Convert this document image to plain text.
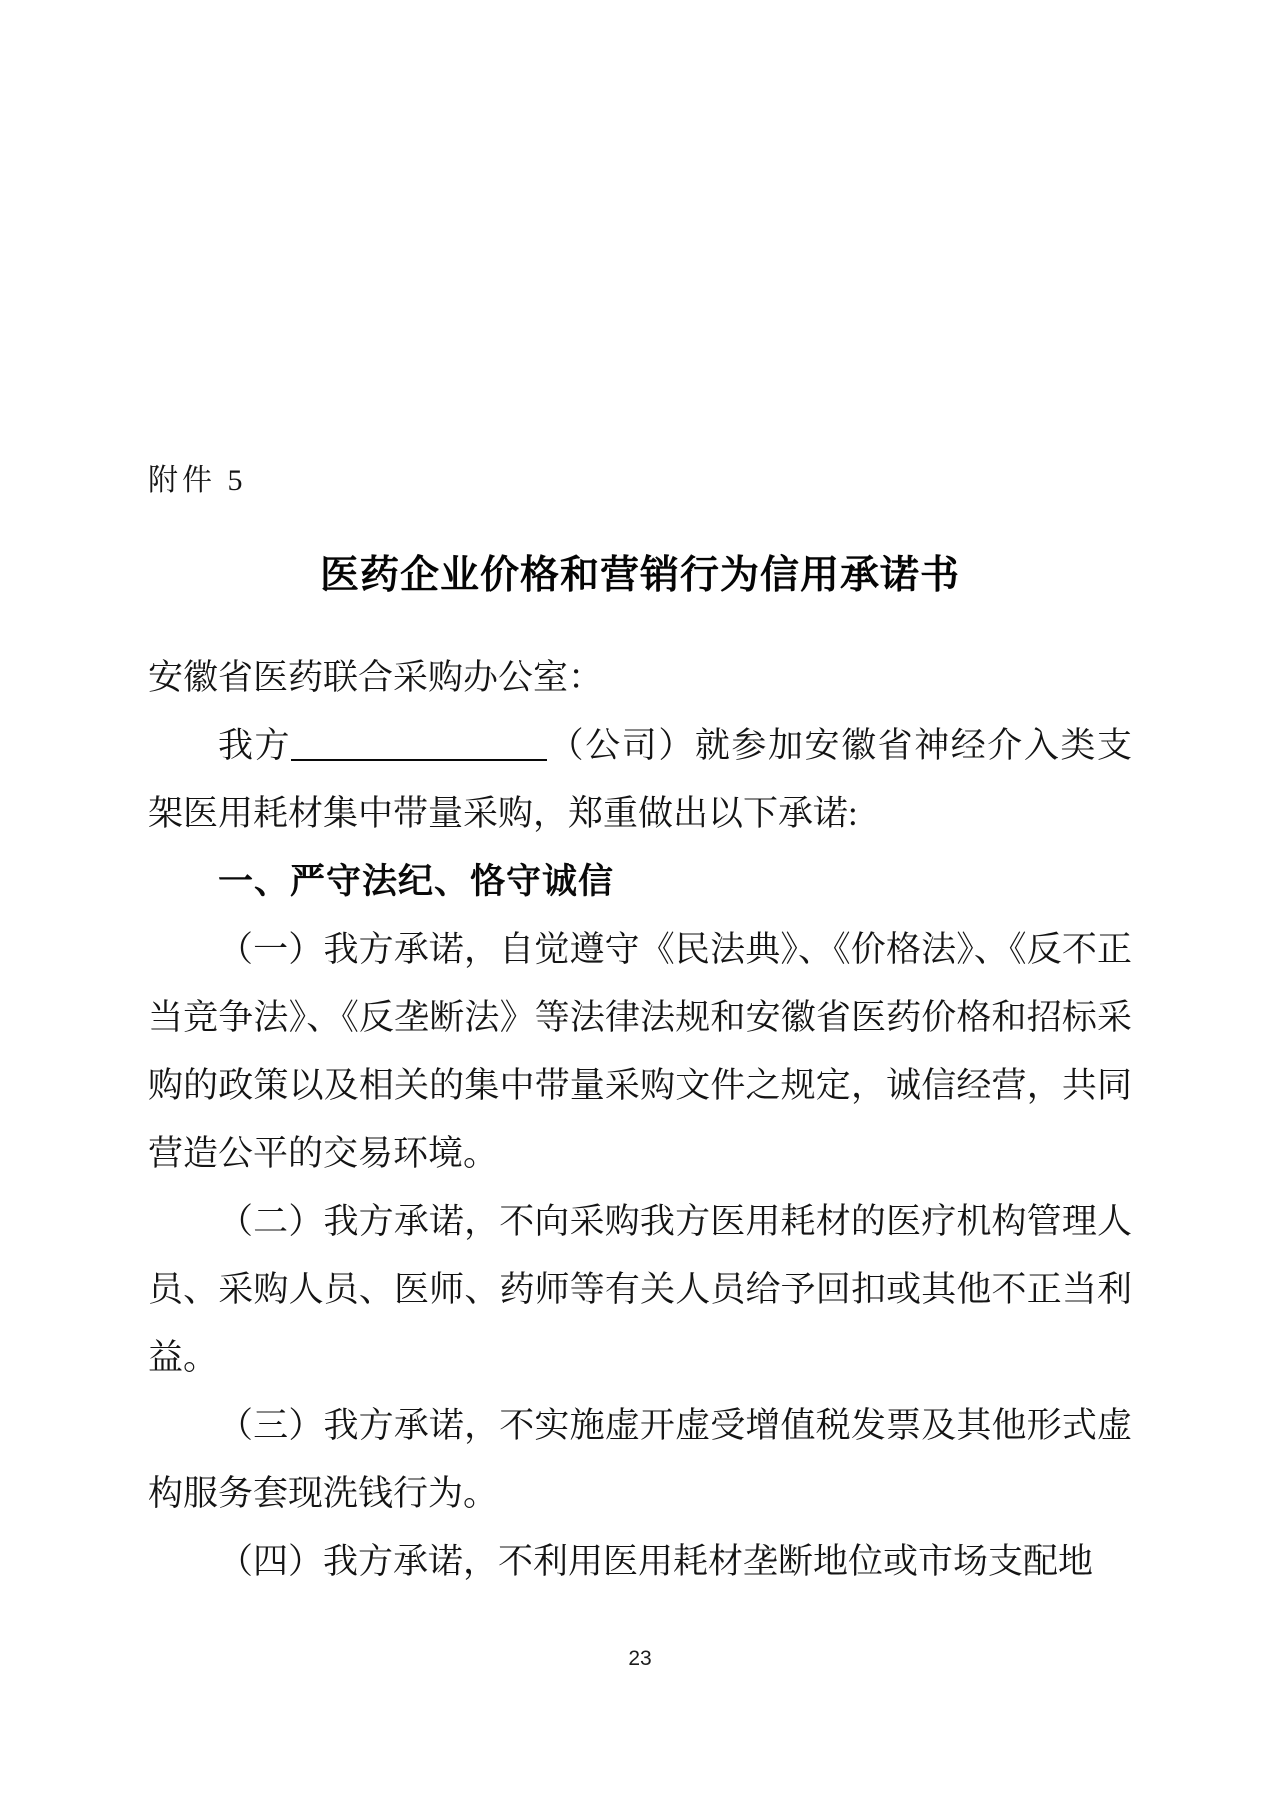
附件 5
医药企业价格和营销行为信用承诺书

安徽省医药联合采购办公室：

我方	（公司）就参加安徽省神经介入类支架医用耗材集中带量采购，郑重做出以下承诺:

一、严守法纪、恪守诚信

（一）我方承诺，自觉遵守《民法典》、《价格法》、《反不正当竞争法》、《反垄断法》等法律法规和安徽省医药价格和招标采购的政策以及相关的集中带量采购文件之规定，诚信经营，共同营造公平的交易环境。

（二）我方承诺，不向采购我方医用耗材的医疗机构管理人员、采购人员、医师、药师等有关人员给予回扣或其他不正当利益。

（三）我方承诺，不实施虚开虚受增值税发票及其他形式虚构服务套现洗钱行为。

（四）我方承诺，不利用医用耗材垄断地位或市场支配地

23
